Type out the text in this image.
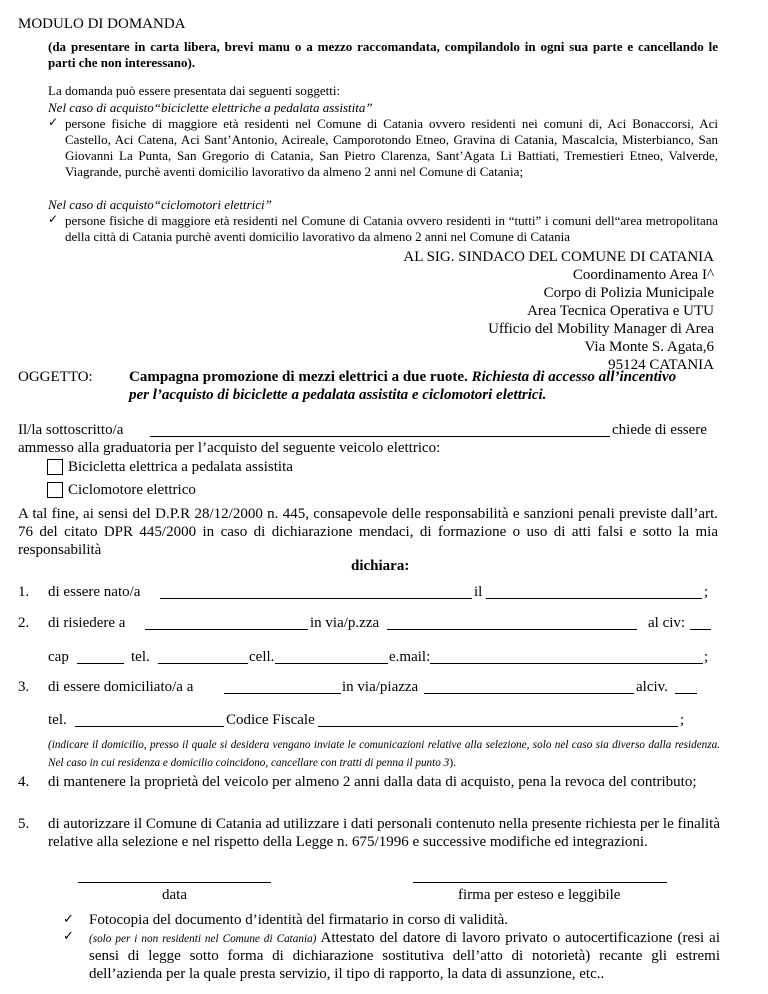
MODULO DI DOMANDA
(da presentare in carta libera, brevi manu o a mezzo raccomandata, compilandolo in ogni sua parte e cancellando le parti che non interessano).
La domanda può essere presentata dai seguenti soggetti:
Nel caso di acquisto“biciclette elettriche a pedalata assistita”
✓ persone fisiche di maggiore età residenti nel Comune di Catania ovvero residenti nei comuni di, Aci Bonaccorsi, Aci Castello, Aci Catena, Aci Sant’Antonio, Acireale, Camporotondo Etneo, Gravina di Catania, Mascalcia, Misterbianco, San Giovanni La Punta, San Gregorio di Catania, San Pietro Clarenza, Sant’Agata Li Battiati, Tremestieri Etneo, Valverde, Viagrande, purchè aventi domicilio lavorativo da almeno 2 anni nel Comune di Catania;
Nel caso di acquisto“ciclomotori elettrici”
✓ persone fisiche di maggiore età residenti nel Comune di Catania ovvero residenti in “tutti” i comuni dell“area metropolitana della città di Catania purchè aventi domicilio lavorativo da almeno 2 anni nel Comune di Catania
AL SIG. SINDACO DEL COMUNE DI CATANIA
Coordinamento Area I^
Corpo di Polizia Municipale
Area Tecnica Operativa e UTU
Ufficio del Mobility Manager di Area
Via Monte S. Agata,6
95124 CATANIA
OGGETTO: Campagna promozione di mezzi elettrici a due ruote. Richiesta di accesso all’incentivo
per l’acquisto di biciclette a pedalata assistita e ciclomotori elettrici.
Il/la sottoscritto/a	chiede di essere
ammesso alla graduatoria per l’acquisto del seguente veicolo elettrico:
Bicicletta elettrica a pedalata assistita
Ciclomotore elettrico
A tal fine, ai sensi del D.P.R 28/12/2000 n. 445, consapevole delle responsabilità e sanzioni penali previste dall’art. 76 del citato DPR 445/2000 in caso di dichiarazione mendaci, di formazione o uso di atti falsi e sotto la mia responsabilità
dichiara:
1. di essere nato/a	il	;
2. di risiedere a	in via/p.zza	al civ:
cap	tel.	cell.	e.mail:	;
3. di essere domiciliato/a a	in via/piazza	alciv.
tel.	Codice Fiscale	;
(indicare il domicilio, presso il quale si desidera vengano inviate le comunicazioni relative alla selezione, solo nel caso sia diverso dalla residenza. Nel caso in cui residenza e domicilio coincidono, cancellare con tratti di penna il punto 3).
4. di mantenere la proprietà del veicolo per almeno 2 anni dalla data di acquisto, pena la revoca del contributo;
5. di autorizzare il Comune di Catania ad utilizzare i dati personali contenuto nella presente richiesta per le finalità relative alla selezione e nel rispetto della Legge n. 675/1996 e successive modifiche ed integrazioni.
data	firma per esteso e leggibile
✓ Fotocopia del documento d’identità del firmatario in corso di validità.
✓ (solo per i non residenti nel Comune di Catania) Attestato del datore di lavoro privato o autocertificazione (resi ai sensi di legge sotto forma di dichiarazione sostitutiva dell’atto di notorietà) recante gli estremi dell’azienda per la quale presta servizio, il tipo di rapporto, la data di assunzione, etc..
